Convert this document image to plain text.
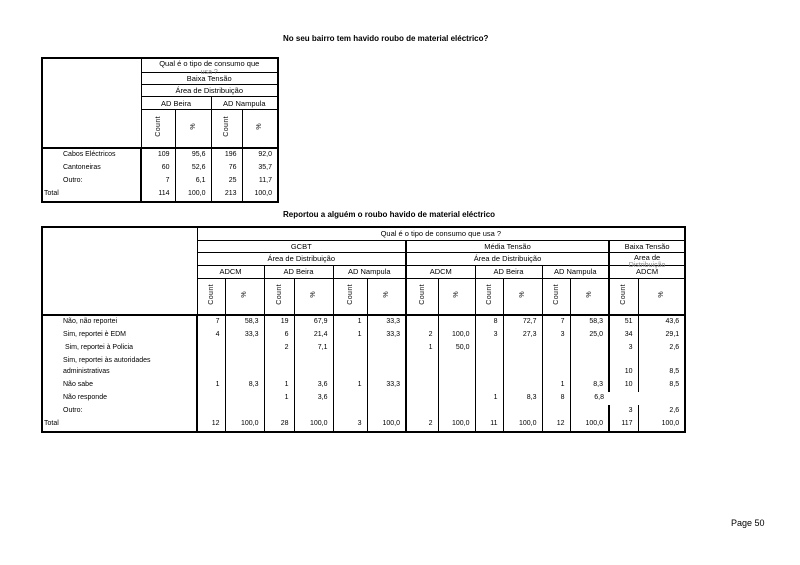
No seu bairro tem havido roubo de material eléctrico?

	Qual é o tipo de consumo que
usa ?			

	Baixa Tensão			
	Área de Distribuição			
	AD Beira		AD Nampula	
	Count	%	Count	%
Cabos Eléctricos	109	95,6	196	92,0
Cantoneiras	60	52,6	76	35,7
Outro:	7	6,1	25	11,7
Total	114	100,0	213	100,0
Reportou a alguém o roubo havido de material eléctrico
	Qual é o tipo de consumo que usa ?													
	GCBT						Média Tensão						Baixa Tensão	
	Área de Distribuição						Área de Distribuição						Area de
Distribuição	

	ADCM		AD Beira		AD Nampula		ADCM		AD Beira		AD Nampula		ADCM	
	Count	%	Count	%	Count	%	Count	%	Count	%	Count	%	Count	%
Não, não reportei	7	58,3	19	67,9	1	33,3			8	72,7	7	58,3	51	43,6
Sim, reportei è EDM	4	33,3	6	21,4	1	33,3	2	100,0	3	27,3	3	25,0	34	29,1
Sim, reportei à Policia			2	7,1			1	50,0					3	2,6
Sim, reportei às autoridades administrativas													10	8,5
Não sabe	1	8,3	1	3,6	1	33,3					1	8,3	10	8,5
Não responde			1	3,6					1	8,3	8	6,8		
Outro:													3	2,6
Total	12	100,0	28	100,0	3	100,0	2	100,0	11	100,0	12	100,0	117	100,0
Page 50
